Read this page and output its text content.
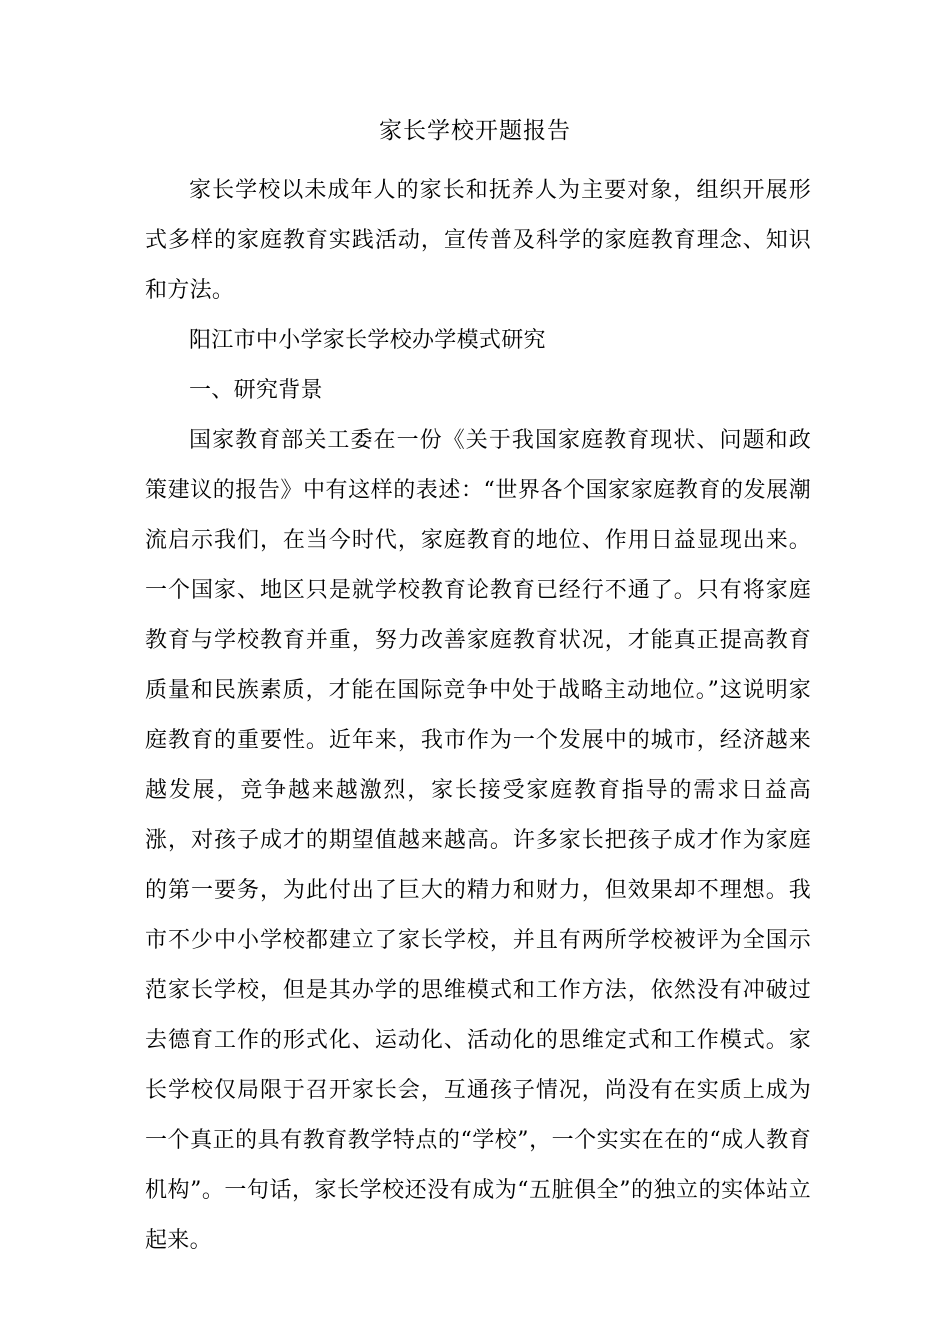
家长学校开题报告

家长学校以未成年人的家长和抚养人为主要对象，组织开展形式多样的家庭教育实践活动，宣传普及科学的家庭教育理念、知识和方法。

阳江市中小学家长学校办学模式研究

一、研究背景

国家教育部关工委在一份《关于我国家庭教育现状、问题和政策建议的报告》中有这样的表述：“世界各个国家家庭教育的发展潮流启示我们，在当今时代，家庭教育的地位、作用日益显现出来。一个国家、地区只是就学校教育论教育已经行不通了。只有将家庭教育与学校教育并重，努力改善家庭教育状况，才能真正提高教育质量和民族素质，才能在国际竞争中处于战略主动地位。”这说明家庭教育的重要性。近年来，我市作为一个发展中的城市，经济越来越发展，竞争越来越激烈，家长接受家庭教育指导的需求日益高涨，对孩子成才的期望值越来越高。许多家长把孩子成才作为家庭的第一要务，为此付出了巨大的精力和财力，但效果却不理想。我市不少中小学校都建立了家长学校，并且有两所学校被评为全国示范家长学校，但是其办学的思维模式和工作方法，依然没有冲破过去德育工作的形式化、运动化、活动化的思维定式和工作模式。家长学校仅局限于召开家长会，互通孩子情况，尚没有在实质上成为一个真正的具有教育教学特点的“学校”，一个实实在在的“成人教育机构”。一句话，家长学校还没有成为“五脏俱全”的独立的实体站立起来。
